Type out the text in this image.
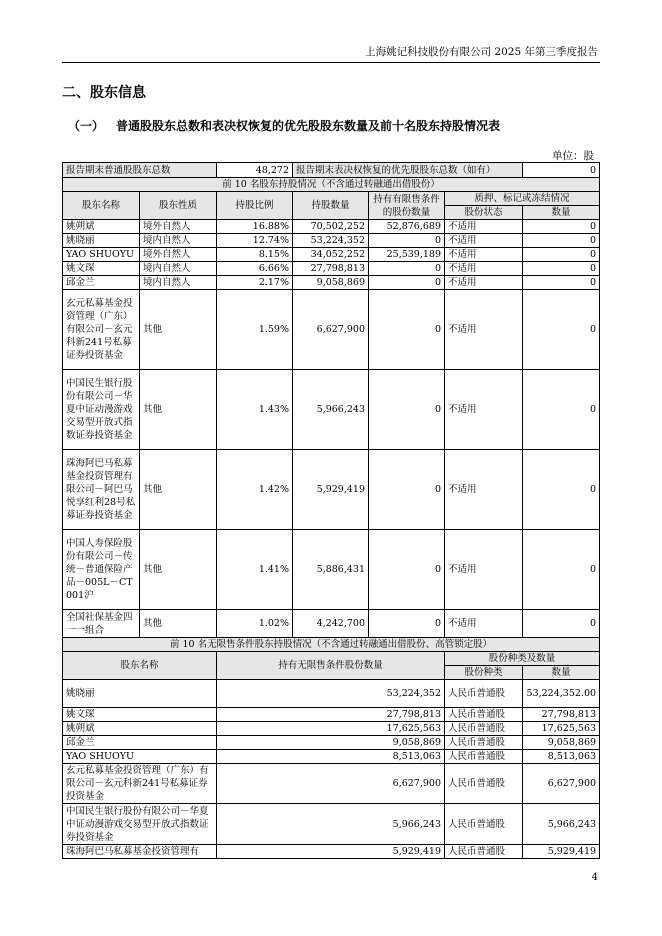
上海姚记科技股份有限公司 2025 年第三季度报告
二、股东信息
（一） 普通股股东总数和表决权恢复的优先股股东数量及前十名股东持股情况表
单位：股
报告期末普通股股东总数		48,272	报告期末表决权恢复的优先股股东总数（如有）			0
前 10 名股东持股情况（不含通过转融通出借股份）						
股东名称	股东性质	持股比例	持股数量	持有有限售条件的股份数量	质押、标记或冻结情况	
					股份状态	数量
姚朔斌	境外自然人	16.88%	70,502,252	52,876,689	不适用	0
姚晓丽	境内自然人	12.74%	53,224,352	0	不适用	0
YAO SHUOYU	境外自然人	8.15%	34,052,252	25,539,189	不适用	0
姚文琛	境内自然人	6.66%	27,798,813	0	不适用	0
邱金兰	境内自然人	2.17%	9,058,869	0	不适用	0
玄元私募基金投资管理（广东）有限公司－玄元科新241号私募证券投资基金	其他	1.59%	6,627,900	0	不适用	0
中国民生银行股份有限公司－华夏中证动漫游戏交易型开放式指数证券投资基金	其他	1.43%	5,966,243	0	不适用	0
珠海阿巴马私募基金投资管理有限公司－阿巴马悦享红利28号私募证券投资基金	其他	1.42%	5,929,419	0	不适用	0
中国人寿保险股份有限公司－传统－普通保险产品－005L－CT001沪	其他	1.41%	5,886,431	0	不适用	0
全国社保基金四一一组合	其他	1.02%	4,242,700	0	不适用	0
前 10 名无限售条件股东持股情况（不含通过转融通出借股份、高管锁定股）						
股东名称		持有无限售条件股份数量			股份种类及数量	
					股份种类	数量
姚晓丽		53,224,352			人民币普通股	53,224,352.00
姚文琛		27,798,813			人民币普通股	27,798,813
姚朔斌		17,625,563			人民币普通股	17,625,563
邱金兰		9,058,869			人民币普通股	9,058,869
YAO SHUOYU		8,513,063			人民币普通股	8,513,063
玄元私募基金投资管理（广东）有限公司－玄元科新241号私募证券投资基金		6,627,900			人民币普通股	6,627,900
中国民生银行股份有限公司－华夏中证动漫游戏交易型开放式指数证券投资基金		5,966,243			人民币普通股	5,966,243
珠海阿巴马私募基金投资管理有		5,929,419			人民币普通股	5,929,419
4
